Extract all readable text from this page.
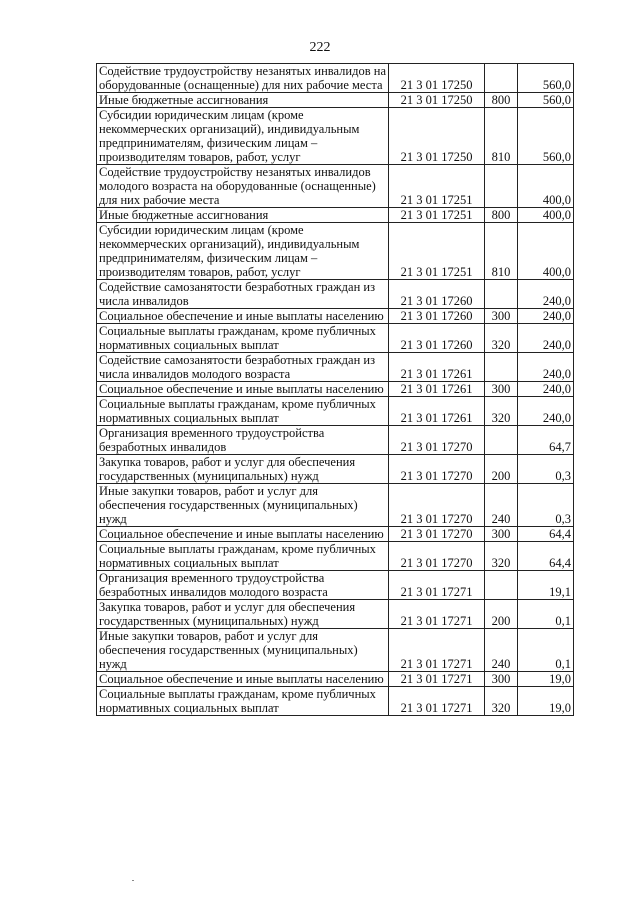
222
Содействие трудоустройству незанятых инвалидов на оборудованные (оснащенные) для них рабочие места	21 3 01 17250		560,0
Иные бюджетные ассигнования	21 3 01 17250	800	560,0
Субсидии юридическим лицам (кроме некоммерческих организаций), индивидуальным предпринимателям, физическим лицам – производителям товаров, работ, услуг	21 3 01 17250	810	560,0
Содействие трудоустройству незанятых инвалидов молодого возраста на оборудованные (оснащенные) для них рабочие места	21 3 01 17251		400,0
Иные бюджетные ассигнования	21 3 01 17251	800	400,0
Субсидии юридическим лицам (кроме некоммерческих организаций), индивидуальным предпринимателям, физическим лицам – производителям товаров, работ, услуг	21 3 01 17251	810	400,0
Содействие самозанятости безработных граждан из числа инвалидов	21 3 01 17260		240,0
Социальное обеспечение и иные выплаты населению	21 3 01 17260	300	240,0
Социальные выплаты гражданам, кроме публичных нормативных социальных выплат	21 3 01 17260	320	240,0
Содействие самозанятости безработных граждан из числа инвалидов молодого возраста	21 3 01 17261		240,0
Социальное обеспечение и иные выплаты населению	21 3 01 17261	300	240,0
Социальные выплаты гражданам, кроме публичных нормативных социальных выплат	21 3 01 17261	320	240,0
Организация временного трудоустройства безработных инвалидов	21 3 01 17270		64,7
Закупка товаров, работ и услуг для обеспечения государственных (муниципальных) нужд	21 3 01 17270	200	0,3
Иные закупки товаров, работ и услуг для обеспечения государственных (муниципальных) нужд	21 3 01 17270	240	0,3
Социальное обеспечение и иные выплаты населению	21 3 01 17270	300	64,4
Социальные выплаты гражданам, кроме публичных нормативных социальных выплат	21 3 01 17270	320	64,4
Организация временного трудоустройства безработных инвалидов молодого возраста	21 3 01 17271		19,1
Закупка товаров, работ и услуг для обеспечения государственных (муниципальных) нужд	21 3 01 17271	200	0,1
Иные закупки товаров, работ и услуг для обеспечения государственных (муниципальных) нужд	21 3 01 17271	240	0,1
Социальное обеспечение и иные выплаты населению	21 3 01 17271	300	19,0
Социальные выплаты гражданам, кроме публичных нормативных социальных выплат	21 3 01 17271	320	19,0
